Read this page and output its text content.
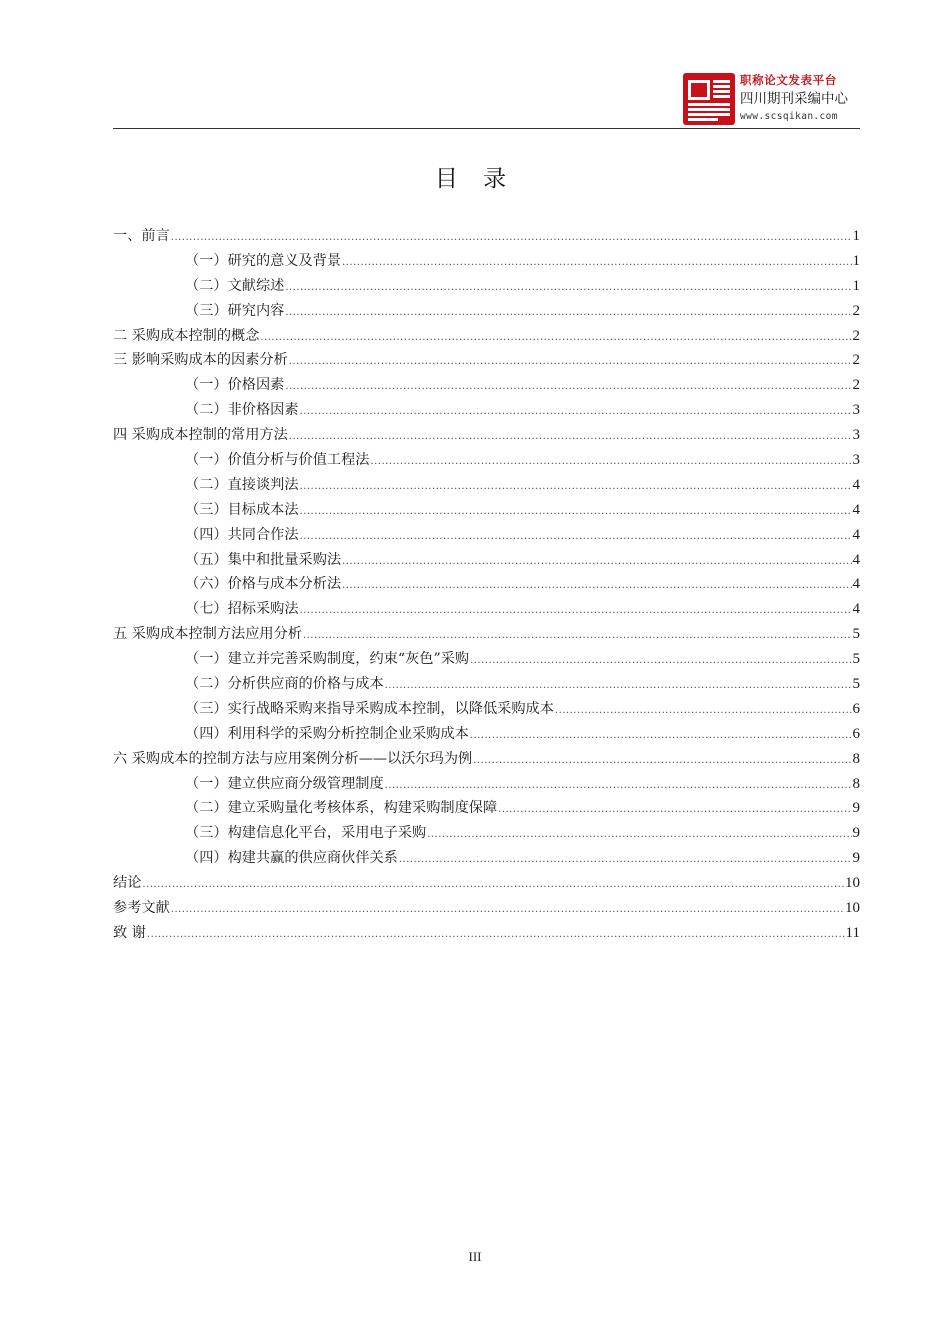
职称论文发表平台
四川期刊采编中心
www.scsqikan.com
目 录
一、前言 .....	1
（一）研究的意义及背景 .....	1
（二）文献综述 .....	1
（三）研究内容 .....	2
二 采购成本控制的概念 .....	2
三 影响采购成本的因素分析 .....	2
（一）价格因素 .....	2
（二）非价格因素 .....	3
四 采购成本控制的常用方法 .....	3
（一）价值分析与价值工程法 .....	3
（二）直接谈判法 .....	4
（三）目标成本法 .....	4
（四）共同合作法 .....	4
（五）集中和批量采购法 .....	4
（六）价格与成本分析法 .....	4
（七）招标采购法 .....	4
五 采购成本控制方法应用分析 .....	5
（一）建立并完善采购制度，约束“灰色”采购 .....	5
（二）分析供应商的价格与成本 .....	5
（三）实行战略采购来指导采购成本控制，以降低采购成本 .....	6
（四）利用科学的采购分析控制企业采购成本 .....	6
六 采购成本的控制方法与应用案例分析——以沃尔玛为例 .....	8
（一）建立供应商分级管理制度 .....	8
（二）建立采购量化考核体系，构建采购制度保障 .....	9
（三）构建信息化平台，采用电子采购 .....	9
（四）构建共赢的供应商伙伴关系 .....	9
结论 .....	10
参考文献 .....	10
致 谢 .....	11
III
